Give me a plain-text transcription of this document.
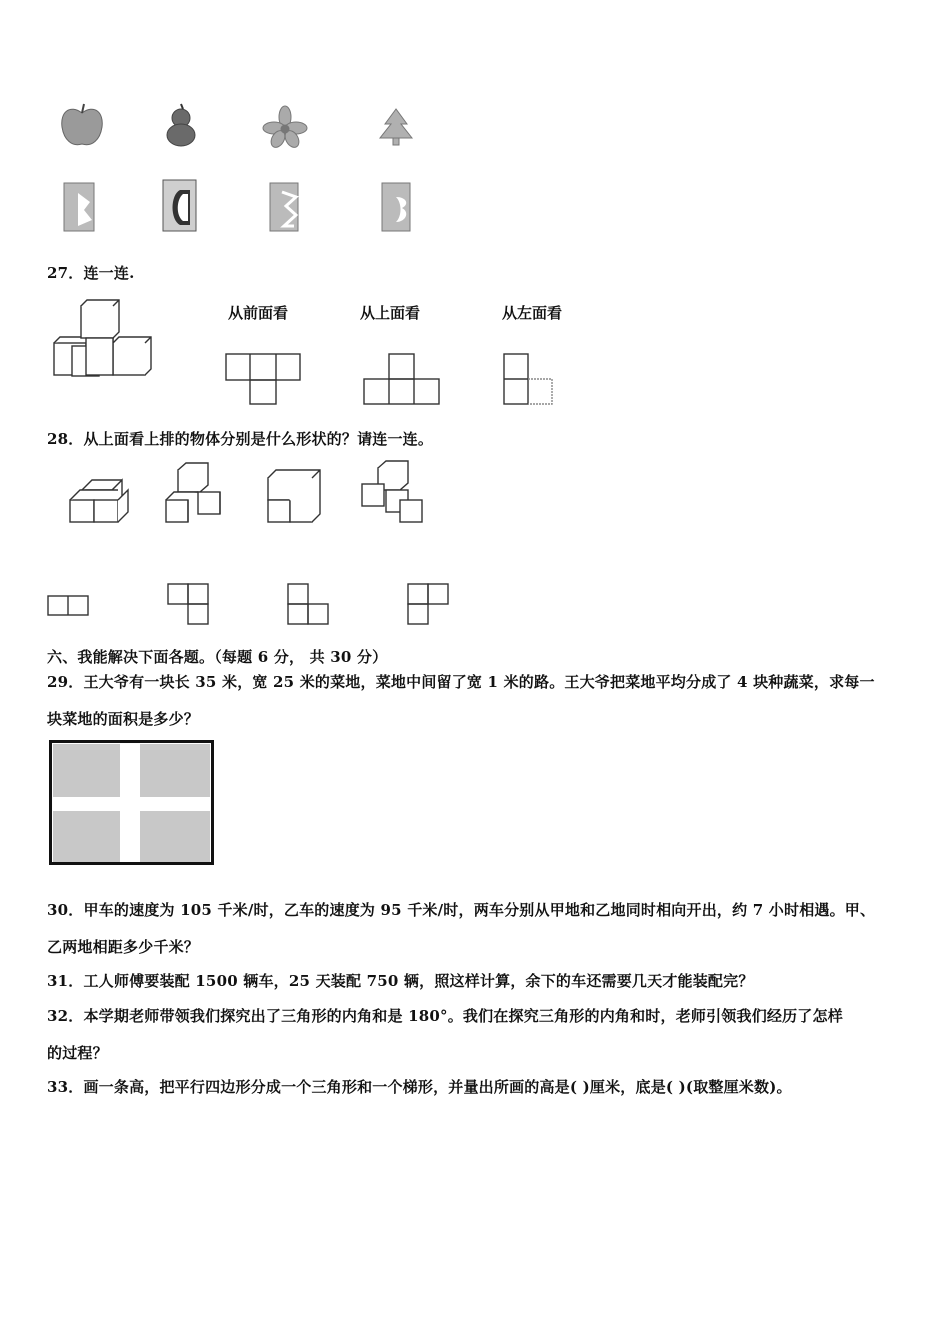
27．连一连.
从前面看	从上面看	从左面看
28．从上面看上排的物体分别是什么形状的？请连一连。
六、我能解决下面各题。（每题 6 分， 共 30 分）
29．王大爷有一块长 35 米，宽 25 米的菜地，菜地中间留了宽 1 米的路。王大爷把菜地平均分成了 4 块种蔬菜，求每一
块菜地的面积是多少？
30．甲车的速度为 105 千米/时，乙车的速度为 95 千米/时，两车分别从甲地和乙地同时相向开出，约 7 小时相遇。甲、
乙两地相距多少千米？
31．工人师傅要装配 1500 辆车，25 天装配 750 辆，照这样计算，余下的车还需要几天才能装配完？
32．本学期老师带领我们探究出了三角形的内角和是 180°。我们在探究三角形的内角和时，老师引领我们经历了怎样
的过程？
33．画一条高，把平行四边形分成一个三角形和一个梯形，并量出所画的高是( )厘米，底是( )(取整厘米数)。
